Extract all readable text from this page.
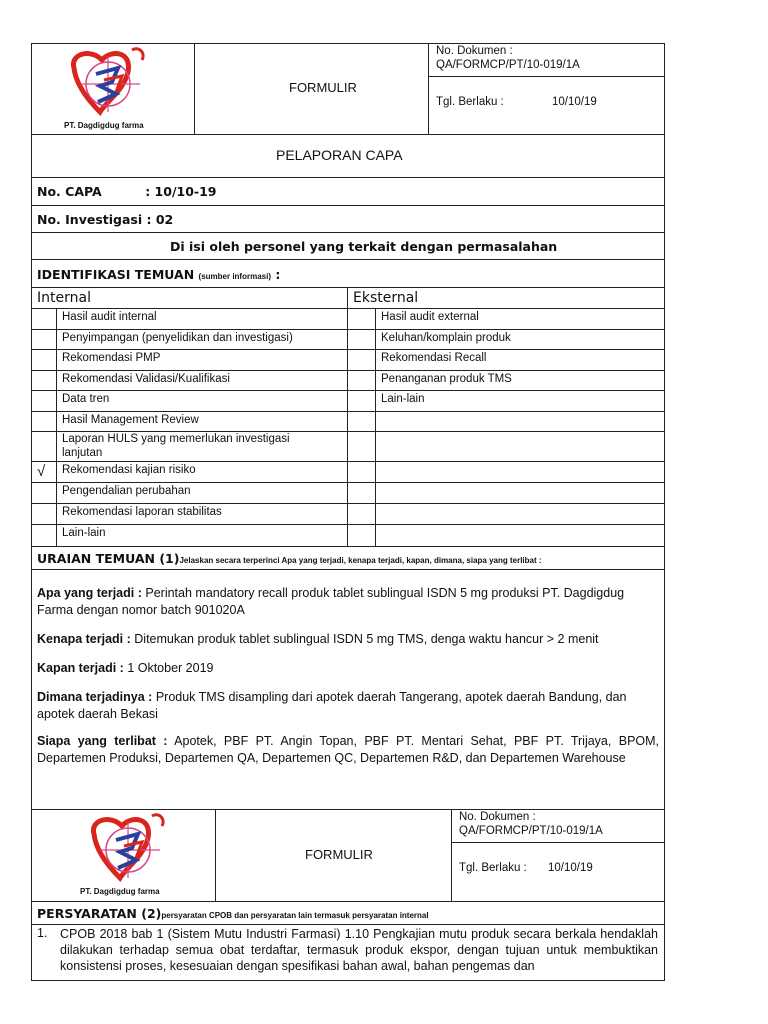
PT. Dagdigdug farma
FORMULIR
No. Dokumen :
QA/FORMCP/PT/10-019/1A
Tgl. Berlaku :	10/10/19
PELAPORAN CAPA
No. CAPA          : 10/10-19
No. Investigasi : 02
Di isi oleh personel yang terkait dengan permasalahan
IDENTIFIKASI TEMUAN (sumber informasi) :
Internal	Eksternal
√
Hasil audit internal
Penyimpangan (penyelidikan dan investigasi)
Rekomendasi PMP
Rekomendasi Validasi/Kualifikasi
Data tren
Hasil Management Review
Laporan HULS yang memerlukan investigasi lanjutan
Rekomendasi kajian risiko
Pengendalian perubahan
Rekomendasi laporan stabilitas
Lain-lain
Hasil audit external
Keluhan/komplain produk
Rekomendasi Recall
Penanganan produk TMS
Lain-lain
URAIAN TEMUAN (1)Jelaskan secara terperinci Apa yang terjadi, kenapa terjadi, kapan, dimana, siapa yang terlibat :
Apa yang terjadi : Perintah mandatory recall produk tablet sublingual ISDN 5 mg produksi PT. Dagdigdug Farma dengan nomor batch 901020A
Kenapa terjadi : Ditemukan produk tablet sublingual ISDN 5 mg TMS, denga waktu hancur > 2 menit
Kapan terjadi : 1 Oktober 2019
Dimana terjadinya : Produk TMS disampling dari apotek daerah Tangerang, apotek daerah Bandung, dan apotek daerah Bekasi
Siapa yang terlibat : Apotek, PBF PT. Angin Topan, PBF PT. Mentari Sehat, PBF PT. Trijaya, BPOM, Departemen Produksi, Departemen QA, Departemen QC, Departemen R&D, dan Departemen Warehouse
PT. Dagdigdug farma
FORMULIR
No. Dokumen :
QA/FORMCP/PT/10-019/1A
Tgl. Berlaku : 10/10/19
PERSYARATAN (2)persyaratan CPOB dan persyaratan lain termasuk persyaratan internal
1. CPOB 2018 bab 1 (Sistem Mutu Industri Farmasi) 1.10 Pengkajian mutu produk secara berkala hendaklah dilakukan terhadap semua obat terdaftar, termasuk produk ekspor, dengan tujuan untuk membuktikan konsistensi proses, kesesuaian dengan spesifikasi bahan awal, bahan pengemas dan
